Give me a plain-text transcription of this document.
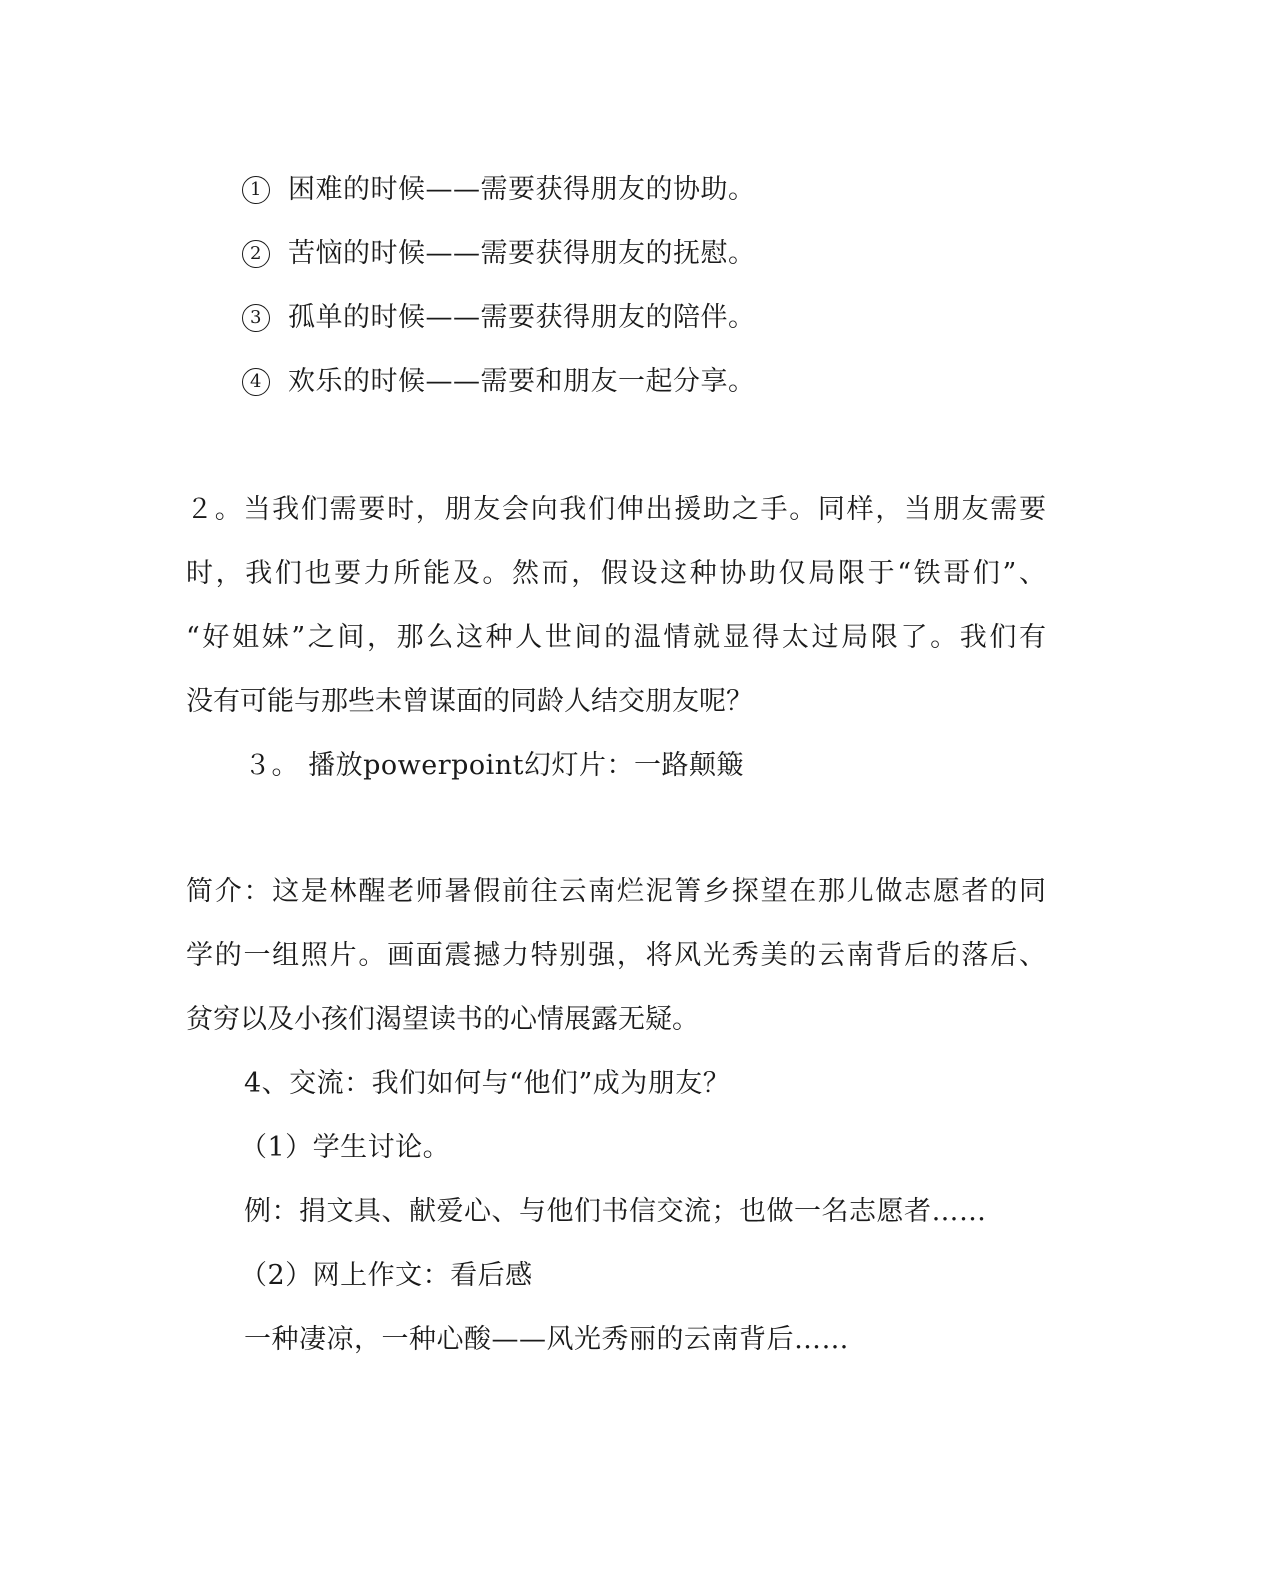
1 困难的时候——需要获得朋友的协助。
2 苦恼的时候——需要获得朋友的抚慰。
3 孤单的时候——需要获得朋友的陪伴。
4 欢乐的时候——需要和朋友一起分享。
２。当我们需要时，朋友会向我们伸出援助之手。同样，当朋友需要
时，我们也要力所能及。然而，假设这种协助仅局限于“铁哥们”、
“好姐妹”之间，那么这种人世间的温情就显得太过局限了。我们有
没有可能与那些未曾谋面的同龄人结交朋友呢？
３。 播放powerpoint幻灯片：一路颠簸
简介：这是林醒老师暑假前往云南烂泥箐乡探望在那儿做志愿者的同
学的一组照片。画面震撼力特别强，将风光秀美的云南背后的落后、
贫穷以及小孩们渴望读书的心情展露无疑。
4、交流：我们如何与“他们”成为朋友？
（1）学生讨论。
例：捐文具、献爱心、与他们书信交流；也做一名志愿者……
（2）网上作文：看后感
一种凄凉，一种心酸——风光秀丽的云南背后……
